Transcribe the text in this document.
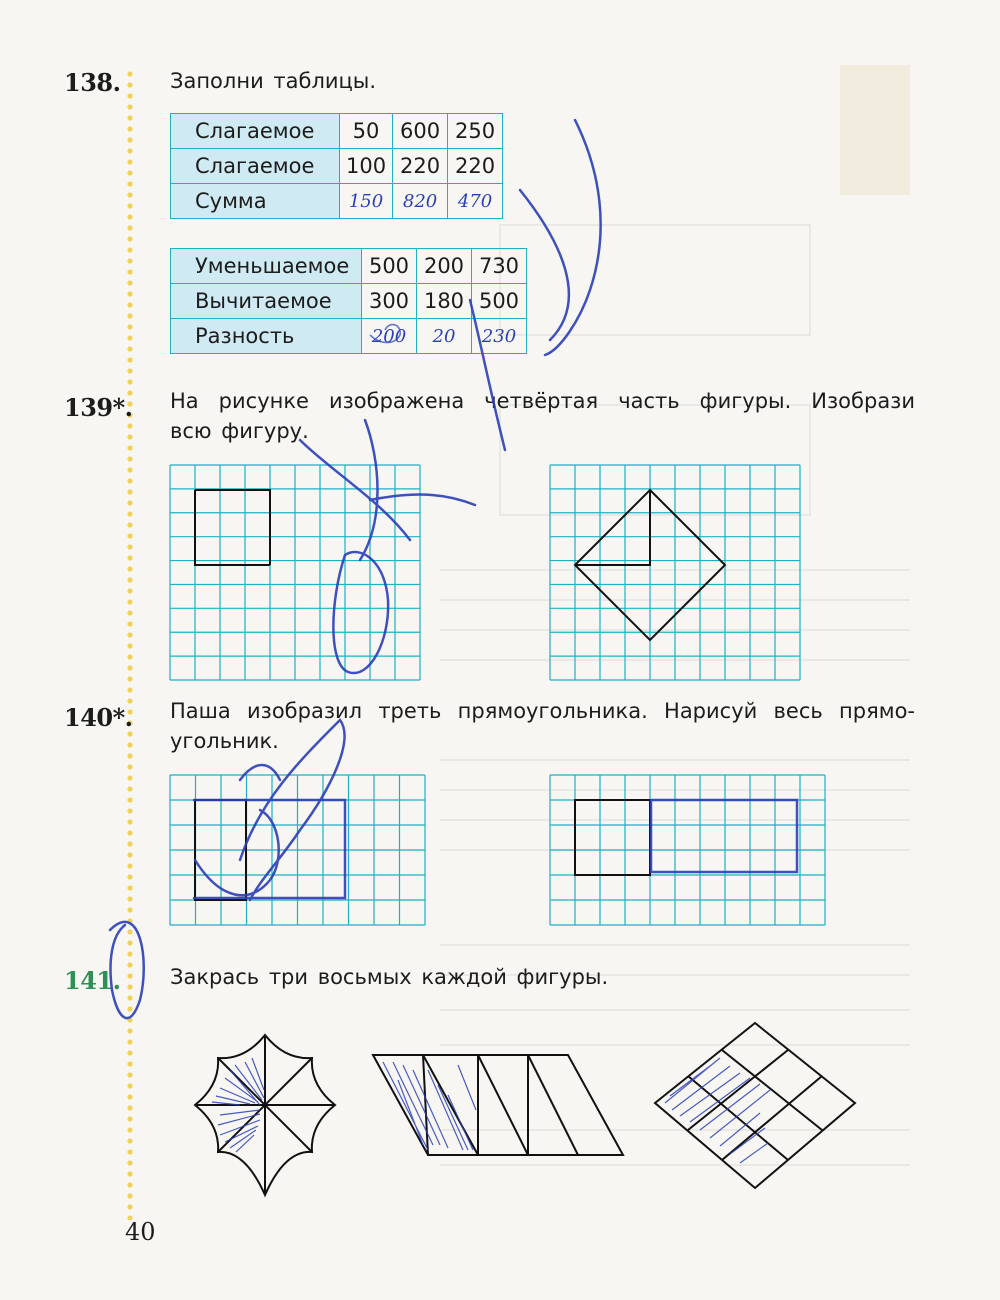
138. Заполни таблицы.
Слагаемое	50	600	250
Слагаемое	100	220	220
Сумма	150	820	470
Уменьшаемое	500	200	730
Вычитаемое	300	180	500
Разность	200	20	230
139*. На рисунке изображена четвёртая часть фигуры. Изобрази
всю фигуру.
140*. Паша изобразил треть прямоугольника. Нарисуй весь прямо-
угольник.
141. Закрась три восьмых каждой фигуры.
40
